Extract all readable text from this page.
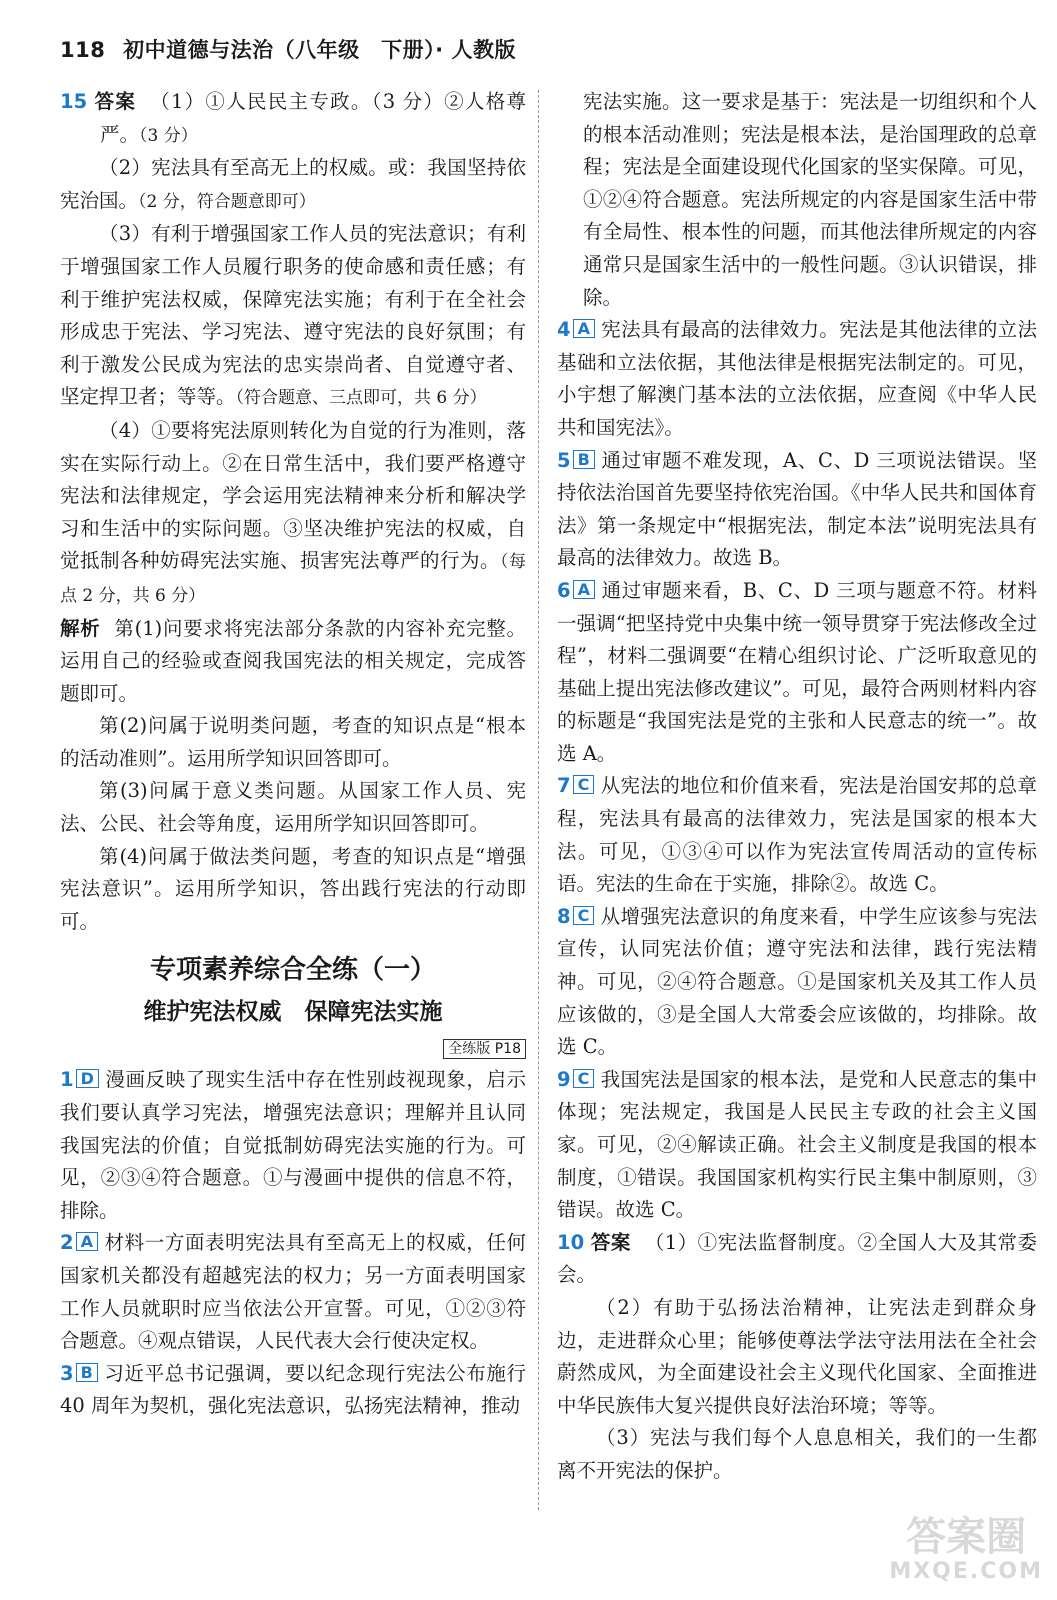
118 初中道德与法治（八年级　下册）· 人教版

15 答案 （1）①人民民主专政。（3 分）②人格尊严。（3 分）

（2）宪法具有至高无上的权威。或：我国坚持依宪治国。（2 分，符合题意即可）

（3）有利于增强国家工作人员的宪法意识；有利于增强国家工作人员履行职务的使命感和责任感；有利于维护宪法权威，保障宪法实施；有利于在全社会形成忠于宪法、学习宪法、遵守宪法的良好氛围；有利于激发公民成为宪法的忠实崇尚者、自觉遵守者、坚定捍卫者；等等。（符合题意、三点即可，共 6 分）

（4）①要将宪法原则转化为自觉的行为准则，落实在实际行动上。②在日常生活中，我们要严格遵守宪法和法律规定，学会运用宪法精神来分析和解决学习和生活中的实际问题。③坚决维护宪法的权威，自觉抵制各种妨碍宪法实施、损害宪法尊严的行为。（每点 2 分，共 6 分）

解析 第(1)问要求将宪法部分条款的内容补充完整。运用自己的经验或查阅我国宪法的相关规定，完成答题即可。

第(2)问属于说明类问题，考查的知识点是“根本的活动准则”。运用所学知识回答即可。

第(3)问属于意义类问题。从国家工作人员、宪法、公民、社会等角度，运用所学知识回答即可。

第(4)问属于做法类问题，考查的知识点是“增强宪法意识”。运用所学知识，答出践行宪法的行动即可。

专项素养综合全练（一）
维护宪法权威　保障宪法实施
全练版 P18

1 D 漫画反映了现实生活中存在性别歧视现象，启示我们要认真学习宪法，增强宪法意识；理解并且认同我国宪法的价值；自觉抵制妨碍宪法实施的行为。可见，②③④符合题意。①与漫画中提供的信息不符，排除。

2 A 材料一方面表明宪法具有至高无上的权威，任何国家机关都没有超越宪法的权力；另一方面表明国家工作人员就职时应当依法公开宣誓。可见，①②③符合题意。④观点错误，人民代表大会行使决定权。

3 B 习近平总书记强调，要以纪念现行宪法公布施行 40 周年为契机，强化宪法意识，弘扬宪法精神，推动

宪法实施。这一要求是基于：宪法是一切组织和个人的根本活动准则；宪法是根本法，是治国理政的总章程；宪法是全面建设现代化国家的坚实保障。可见，①②④符合题意。宪法所规定的内容是国家生活中带有全局性、根本性的问题，而其他法律所规定的内容通常只是国家生活中的一般性问题。③认识错误，排除。

4 A 宪法具有最高的法律效力。宪法是其他法律的立法基础和立法依据，其他法律是根据宪法制定的。可见，小宇想了解澳门基本法的立法依据，应查阅《中华人民共和国宪法》。

5 B 通过审题不难发现，A、C、D 三项说法错误。坚持依法治国首先要坚持依宪治国。《中华人民共和国体育法》第一条规定中“根据宪法，制定本法”说明宪法具有最高的法律效力。故选 B。

6 A 通过审题来看，B、C、D 三项与题意不符。材料一强调“把坚持党中央集中统一领导贯穿于宪法修改全过程”，材料二强调要“在精心组织讨论、广泛听取意见的基础上提出宪法修改建议”。可见，最符合两则材料内容的标题是“我国宪法是党的主张和人民意志的统一”。故选 A。

7 C 从宪法的地位和价值来看，宪法是治国安邦的总章程，宪法具有最高的法律效力，宪法是国家的根本大法。可见，①③④可以作为宪法宣传周活动的宣传标语。宪法的生命在于实施，排除②。故选 C。

8 C 从增强宪法意识的角度来看，中学生应该参与宪法宣传，认同宪法价值；遵守宪法和法律，践行宪法精神。可见，②④符合题意。①是国家机关及其工作人员应该做的，③是全国人大常委会应该做的，均排除。故选 C。

9 C 我国宪法是国家的根本法，是党和人民意志的集中体现；宪法规定，我国是人民民主专政的社会主义国家。可见，②④解读正确。社会主义制度是我国的根本制度，①错误。我国国家机构实行民主集中制原则，③错误。故选 C。

10 答案 （1）①宪法监督制度。②全国人大及其常委会。

（2）有助于弘扬法治精神，让宪法走到群众身边，走进群众心里；能够使尊法学法守法用法在全社会蔚然成风，为全面建设社会主义现代化国家、全面推进中华民族伟大复兴提供良好法治环境；等等。

（3）宪法与我们每个人息息相关，我们的一生都离不开宪法的保护。

答案圈
MXQE.COM
